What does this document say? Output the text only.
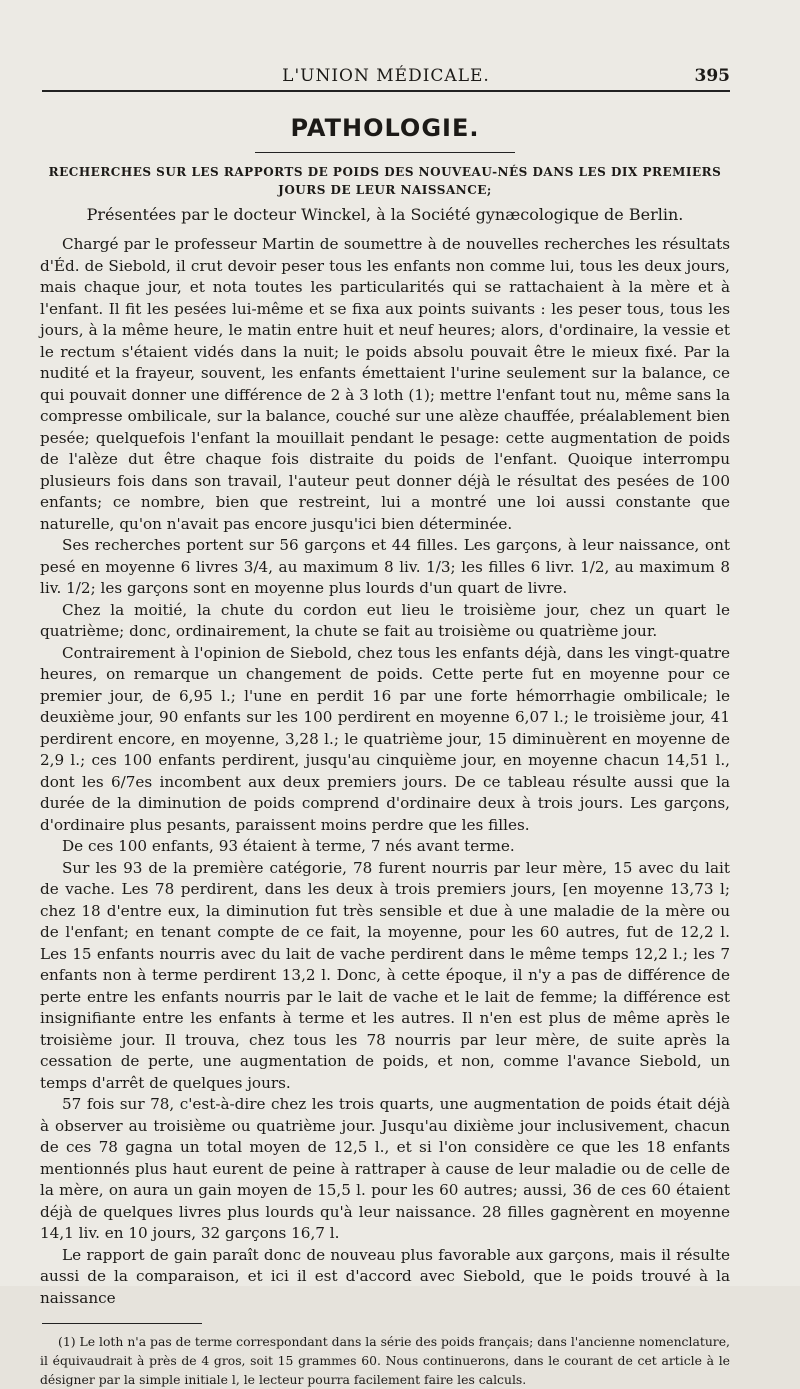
L'UNION MÉDICALE.	395
PATHOLOGIE.
RECHERCHES SUR LES RAPPORTS DE POIDS DES NOUVEAU-NÉS DANS LES DIX PREMIERS JOURS DE LEUR NAISSANCE;
Présentées par le docteur Winckel, à la Société gynæcologique de Berlin.

Chargé par le professeur Martin de soumettre à de nouvelles recherches les résultats d'Éd. de Siebold, il crut devoir peser tous les enfants non comme lui, tous les deux jours, mais chaque jour, et nota toutes les particularités qui se rattachaient à la mère et à l'enfant. Il fit les pesées lui-même et se fixa aux points suivants : les peser tous, tous les jours, à la même heure, le matin entre huit et neuf heures; alors, d'ordinaire, la vessie et le rectum s'étaient vidés dans la nuit; le poids absolu pouvait être le mieux fixé. Par la nudité et la frayeur, souvent, les enfants émettaient l'urine seulement sur la balance, ce qui pouvait donner une différence de 2 à 3 loth (1); mettre l'enfant tout nu, même sans la compresse ombilicale, sur la balance, couché sur une alèze chauffée, préalablement bien pesée; quelquefois l'enfant la mouillait pendant le pesage: cette augmentation de poids de l'alèze dut être chaque fois distraite du poids de l'enfant. Quoique interrompu plusieurs fois dans son travail, l'auteur peut donner déjà le résultat des pesées de 100 enfants; ce nombre, bien que restreint, lui a montré une loi aussi constante que naturelle, qu'on n'avait pas encore jusqu'ici bien déterminée.

Ses recherches portent sur 56 garçons et 44 filles. Les garçons, à leur naissance, ont pesé en moyenne 6 livres 3/4, au maximum 8 liv. 1/3; les filles 6 livr. 1/2, au maximum 8 liv. 1/2; les garçons sont en moyenne plus lourds d'un quart de livre.

Chez la moitié, la chute du cordon eut lieu le troisième jour, chez un quart le quatrième; donc, ordinairement, la chute se fait au troisième ou quatrième jour.

Contrairement à l'opinion de Siebold, chez tous les enfants déjà, dans les vingt-quatre heures, on remarque un changement de poids. Cette perte fut en moyenne pour ce premier jour, de 6,95 l.; l'une en perdit 16 par une forte hémorrhagie ombilicale; le deuxième jour, 90 enfants sur les 100 perdirent en moyenne 6,07 l.; le troisième jour, 41 perdirent encore, en moyenne, 3,28 l.; le quatrième jour, 15 diminuèrent en moyenne de 2,9 l.; ces 100 enfants perdirent, jusqu'au cinquième jour, en moyenne chacun 14,51 l., dont les 6/7es incombent aux deux premiers jours. De ce tableau résulte aussi que la durée de la diminution de poids comprend d'ordinaire deux à trois jours. Les garçons, d'ordinaire plus pesants, paraissent moins perdre que les filles.

De ces 100 enfants, 93 étaient à terme, 7 nés avant terme.

Sur les 93 de la première catégorie, 78 furent nourris par leur mère, 15 avec du lait de vache. Les 78 perdirent, dans les deux à trois premiers jours, [en moyenne 13,73 l; chez 18 d'entre eux, la diminution fut très sensible et due à une maladie de la mère ou de l'enfant; en tenant compte de ce fait, la moyenne, pour les 60 autres, fut de 12,2 l. Les 15 enfants nourris avec du lait de vache perdirent dans le même temps 12,2 l.; les 7 enfants non à terme perdirent 13,2 l. Donc, à cette époque, il n'y a pas de différence de perte entre les enfants nourris par le lait de vache et le lait de femme; la différence est insignifiante entre les enfants à terme et les autres. Il n'en est plus de même après le troisième jour. Il trouva, chez tous les 78 nourris par leur mère, de suite après la cessation de perte, une augmentation de poids, et non, comme l'avance Siebold, un temps d'arrêt de quelques jours.

57 fois sur 78, c'est-à-dire chez les trois quarts, une augmentation de poids était déjà à observer au troisième ou quatrième jour. Jusqu'au dixième jour inclusivement, chacun de ces 78 gagna un total moyen de 12,5 l., et si l'on considère ce que les 18 enfants mentionnés plus haut eurent de peine à rattraper à cause de leur maladie ou de celle de la mère, on aura un gain moyen de 15,5 l. pour les 60 autres; aussi, 36 de ces 60 étaient déjà de quelques livres plus lourds qu'à leur naissance. 28 filles gagnèrent en moyenne 14,1 liv. en 10 jours, 32 garçons 16,7 l.

Le rapport de gain paraît donc de nouveau plus favorable aux garçons, mais il résulte aussi de la comparaison, et ici il est d'accord avec Siebold, que le poids trouvé à la naissance

(1) Le loth n'a pas de terme correspondant dans la série des poids français; dans l'ancienne nomenclature, il équivaudrait à près de 4 gros, soit 15 grammes 60. Nous continuerons, dans le courant de cet article à le désigner par la simple initiale l, le lecteur pourra facilement faire les calculs.
